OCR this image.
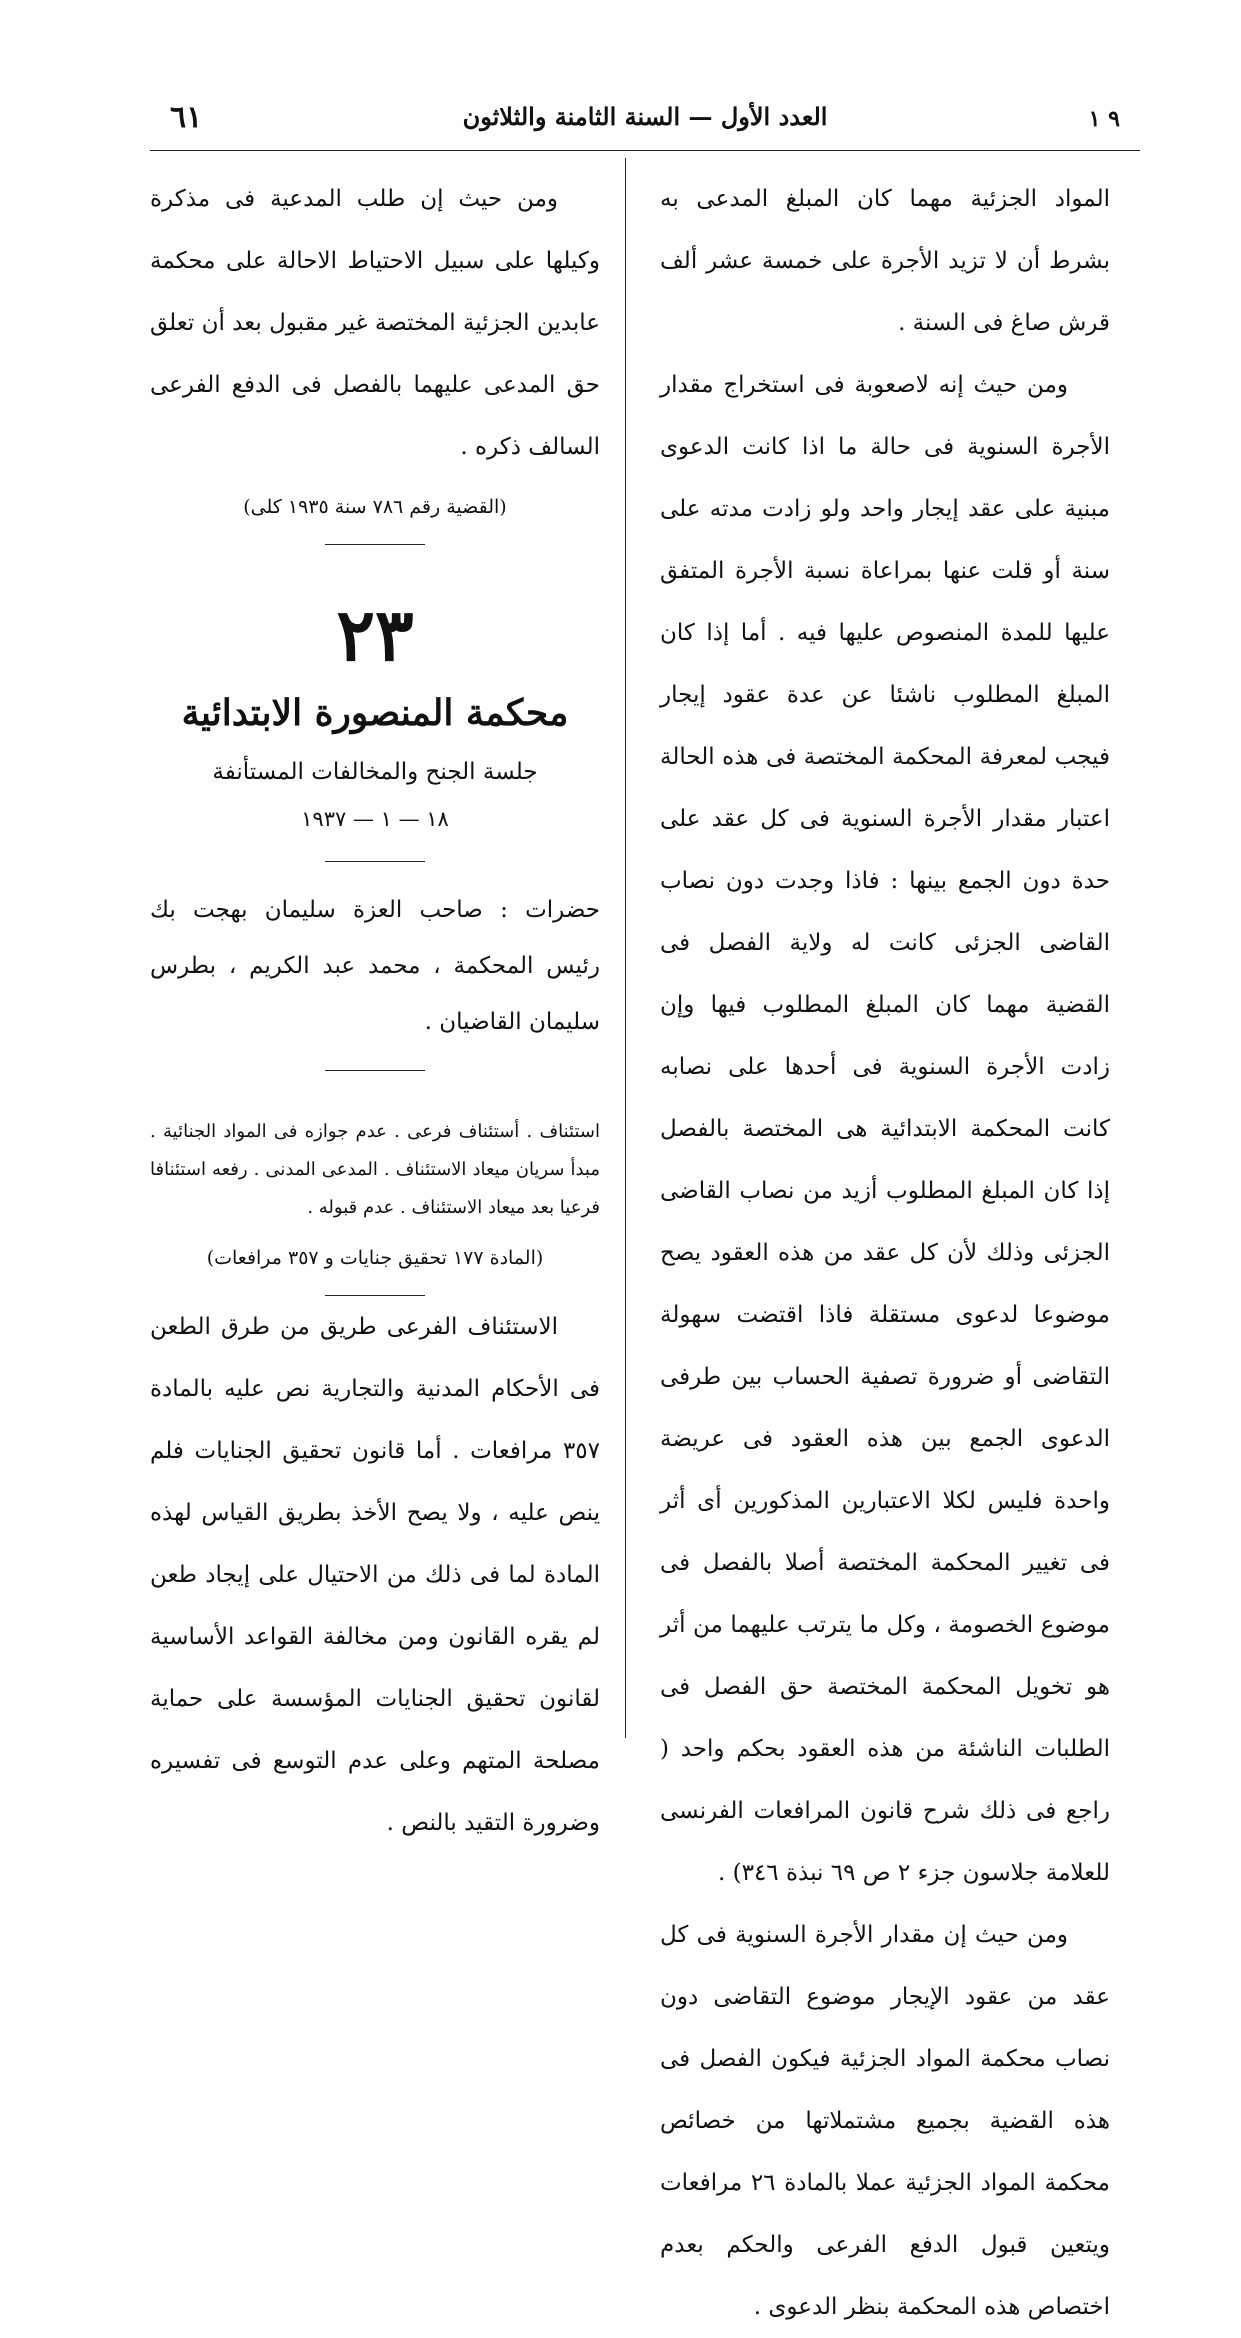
٦١	العدد الأول — السنة الثامنة والثلاثون	٩ ١

المواد الجزئية مهما كان المبلغ المدعى به بشرط أن لا تزيد الأجرة على خمسة عشر ألف قرش صاغ فى السنة .

ومن حيث إنه لاصعوبة فى استخراج مقدار الأجرة السنوية فى حالة ما اذا كانت الدعوى مبنية على عقد إيجار واحد ولو زادت مدته على سنة أو قلت عنها بمراعاة نسبة الأجرة المتفق عليها للمدة المنصوص عليها فيه . أما إذا كان المبلغ المطلوب ناشئا عن عدة عقود إيجار فيجب لمعرفة المحكمة المختصة فى هذه الحالة اعتبار مقدار الأجرة السنوية فى كل عقد على حدة دون الجمع بينها : فاذا وجدت دون نصاب القاضى الجزئى كانت له ولاية الفصل فى القضية مهما كان المبلغ المطلوب فيها وإن زادت الأجرة السنوية فى أحدها على نصابه كانت المحكمة الابتدائية هى المختصة بالفصل إذا كان المبلغ المطلوب أزيد من نصاب القاضى الجزئى وذلك لأن كل عقد من هذه العقود يصح موضوعا لدعوى مستقلة فاذا اقتضت سهولة التقاضى أو ضرورة تصفية الحساب بين طرفى الدعوى الجمع بين هذه العقود فى عريضة واحدة فليس لكلا الاعتبارين المذكورين أى أثر فى تغيير المحكمة المختصة أصلا بالفصل فى موضوع الخصومة ، وكل ما يترتب عليهما من أثر هو تخويل المحكمة المختصة حق الفصل فى الطلبات الناشئة من هذه العقود بحكم واحد ( راجع فى ذلك شرح قانون المرافعات الفرنسى للعلامة جلاسون جزء ٢ ص ٦٩ نبذة ٣٤٦) .

ومن حيث إن مقدار الأجرة السنوية فى كل عقد من عقود الإيجار موضوع التقاضى دون نصاب محكمة المواد الجزئية فيكون الفصل فى هذه القضية بجميع مشتملاتها من خصائص محكمة المواد الجزئية عملا بالمادة ٢٦ مرافعات ويتعين قبول الدفع الفرعى والحكم بعدم اختصاص هذه المحكمة بنظر الدعوى .

ومن حيث إن طلب المدعية فى مذكرة وكيلها على سبيل الاحتياط الاحالة على محكمة عابدين الجزئية المختصة غير مقبول بعد أن تعلق حق المدعى عليهما بالفصل فى الدفع الفرعى السالف ذكره .

(القضية رقم ٧٨٦ سنة ١٩٣٥ كلى)
٢٣
محكمة المنصورة الابتدائية
جلسة الجنح والمخالفات المستأنفة
١٨ — ١ — ١٩٣٧
حضرات : صاحب العزة سليمان بهجت بك رئيس المحكمة ، محمد عبد الكريم ، بطرس سليمان القاضيان .
استئناف . أستئناف فرعى . عدم جوازه فى المواد الجنائية . مبدأ سريان ميعاد الاستئناف . المدعى المدنى . رفعه استئنافا فرعيا بعد ميعاد الاستئناف . عدم قبوله .
(المادة ١٧٧ تحقيق جنايات و ٣٥٧ مرافعات)

الاستئناف الفرعى طريق من طرق الطعن فى الأحكام المدنية والتجارية نص عليه بالمادة ٣٥٧ مرافعات . أما قانون تحقيق الجنايات فلم ينص عليه ، ولا يصح الأخذ بطريق القياس لهذه المادة لما فى ذلك من الاحتيال على إيجاد طعن لم يقره القانون ومن مخالفة القواعد الأساسية لقانون تحقيق الجنايات المؤسسة على حماية مصلحة المتهم وعلى عدم التوسع فى تفسيره وضرورة التقيد بالنص .
